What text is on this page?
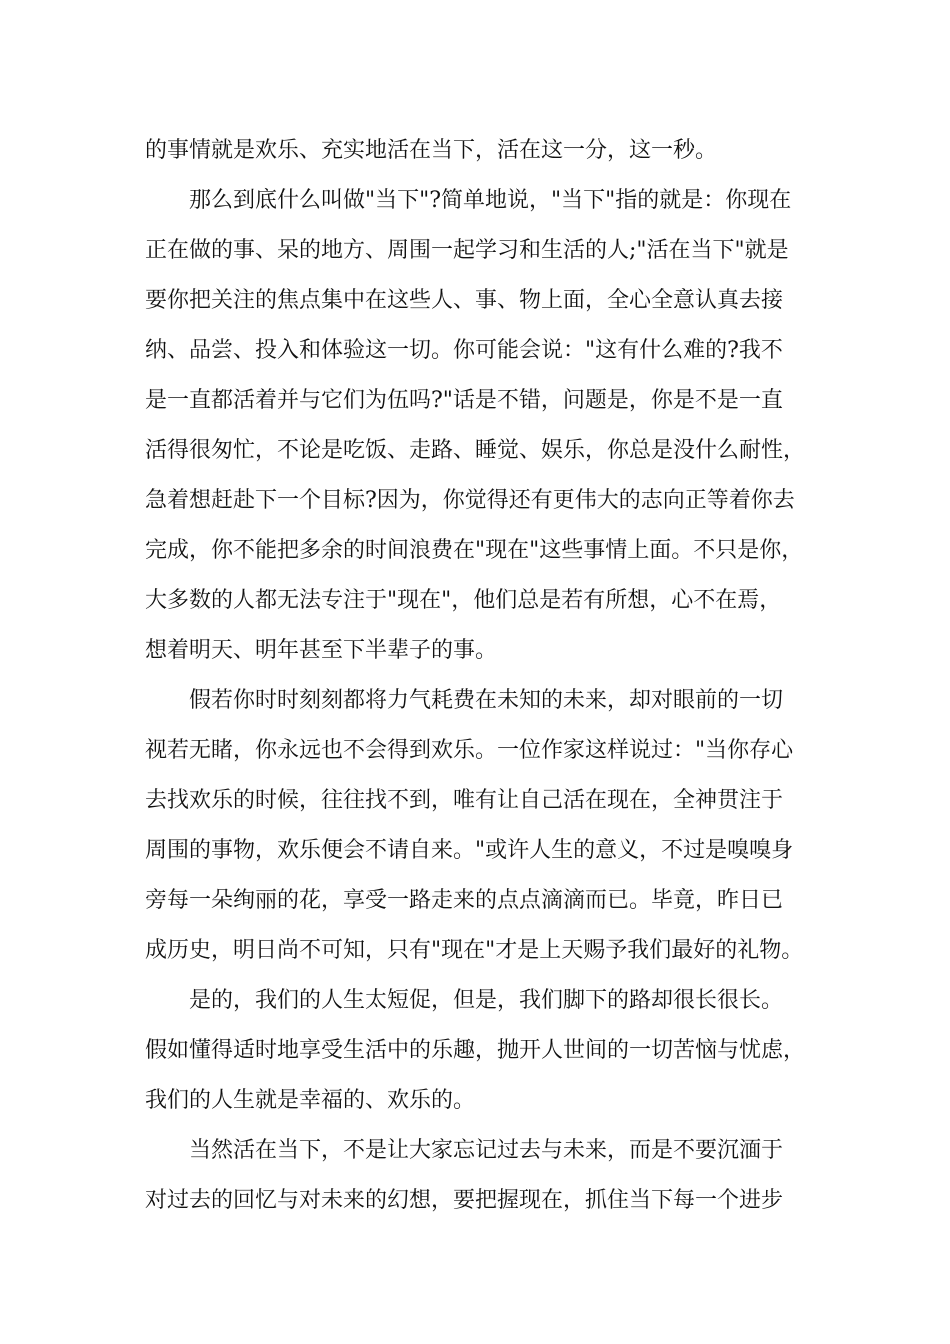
的事情就是欢乐、充实地活在当下，活在这一分，这一秒。
那么到底什么叫做"当下"?简单地说，"当下"指的就是：你现在
正在做的事、呆的地方、周围一起学习和生活的人;"活在当下"就是
要你把关注的焦点集中在这些人、事、物上面，全心全意认真去接
纳、品尝、投入和体验这一切。你可能会说："这有什么难的?我不
是一直都活着并与它们为伍吗?"话是不错，问题是，你是不是一直
活得很匆忙，不论是吃饭、走路、睡觉、娱乐，你总是没什么耐性，
急着想赶赴下一个目标?因为，你觉得还有更伟大的志向正等着你去
完成，你不能把多余的时间浪费在"现在"这些事情上面。不只是你，
大多数的人都无法专注于"现在"，他们总是若有所想，心不在焉，
想着明天、明年甚至下半辈子的事。
假若你时时刻刻都将力气耗费在未知的未来，却对眼前的一切
视若无睹，你永远也不会得到欢乐。一位作家这样说过："当你存心
去找欢乐的时候，往往找不到，唯有让自己活在现在，全神贯注于
周围的事物，欢乐便会不请自来。"或许人生的意义，不过是嗅嗅身
旁每一朵绚丽的花，享受一路走来的点点滴滴而已。毕竟，昨日已
成历史，明日尚不可知，只有"现在"才是上天赐予我们最好的礼物。
是的，我们的人生太短促，但是，我们脚下的路却很长很长。
假如懂得适时地享受生活中的乐趣，抛开人世间的一切苦恼与忧虑，
我们的人生就是幸福的、欢乐的。
当然活在当下，不是让大家忘记过去与未来，而是不要沉湎于
对过去的回忆与对未来的幻想，要把握现在，抓住当下每一个进步
